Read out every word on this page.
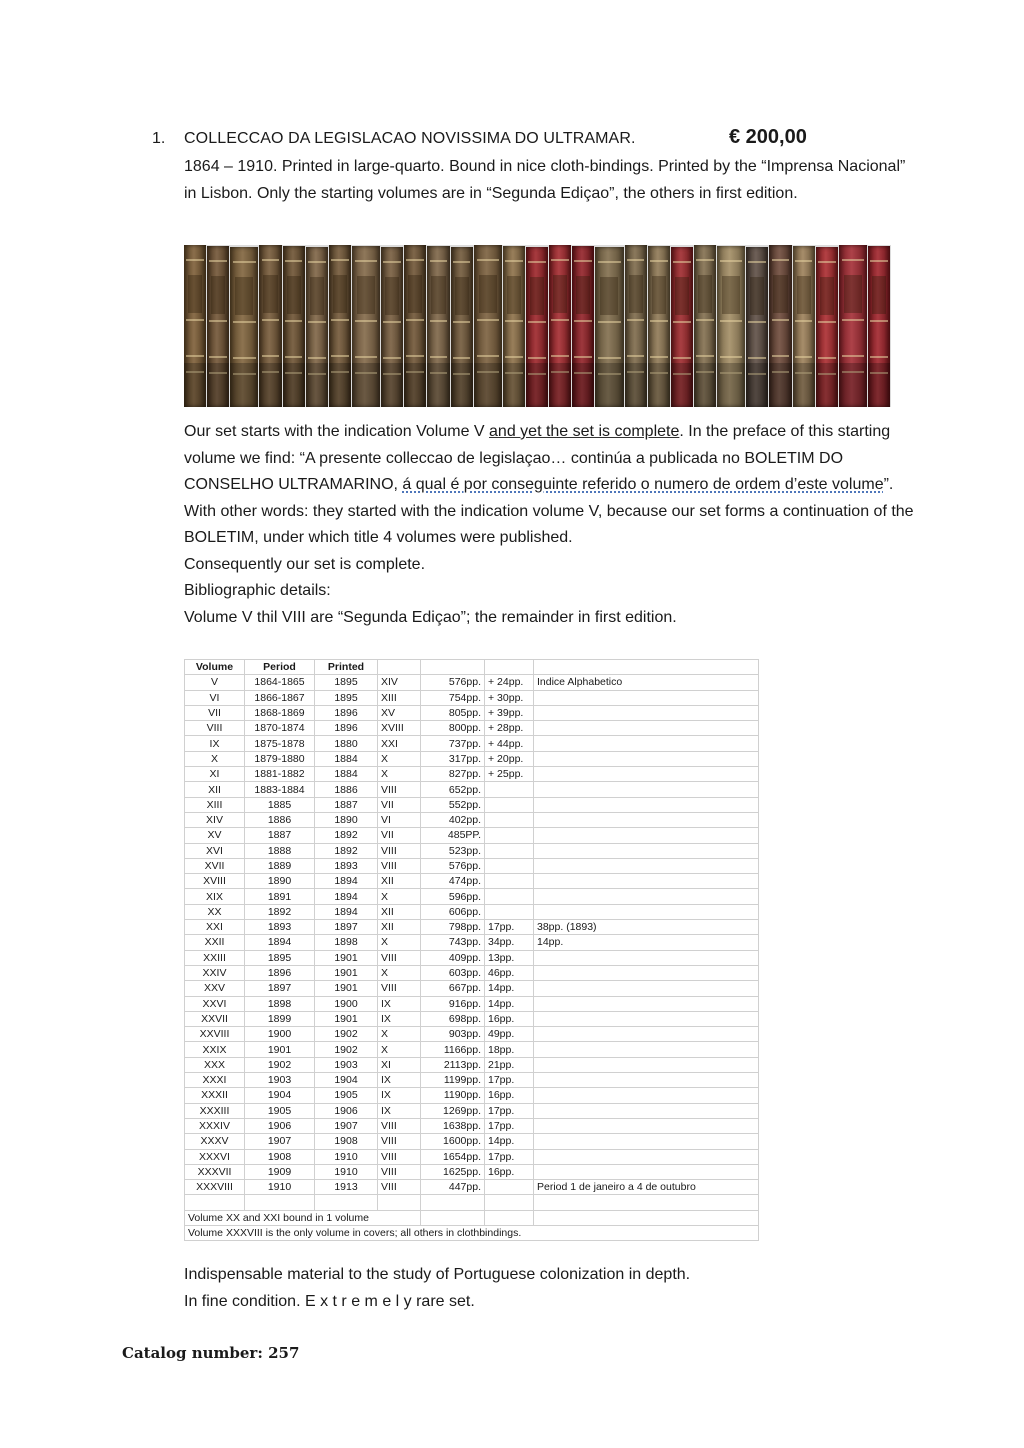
1. COLLECCAO DA LEGISLACAO NOVISSIMA DO ULTRAMAR.	€ 200,00
1864 – 1910. Printed in large-quarto. Bound in nice cloth-bindings. Printed by the “Imprensa Nacional” in Lisbon. Only the starting volumes are in “Segunda Ediçao”, the others in first edition.
Our set starts with the indication Volume V and yet the set is complete. In the preface of this starting volume we find: “A presente colleccao de legislaçao… continúa a publicada no BOLETIM DO CONSELHO ULTRAMARINO, á qual é por conseguinte referido o numero de ordem d’este volume”. With other words: they started with the indication volume V, because our set forms a continuation of the BOLETIM, under which title 4 volumes were published.
Consequently our set is complete.
Bibliographic details:
Volume V thil VIII are “Segunda Ediçao”; the remainder in first edition.
Volume	Period	Printed				
V	1864-1865	1895	XIV	576pp.	+ 24pp.	Indice Alphabetico
VI	1866-1867	1895	XIII	754pp.	+ 30pp.	
VII	1868-1869	1896	XV	805pp.	+ 39pp.	
VIII	1870-1874	1896	XVIII	800pp.	+ 28pp.	
IX	1875-1878	1880	XXI	737pp.	+ 44pp.	
X	1879-1880	1884	X	317pp.	+ 20pp.	
XI	1881-1882	1884	X	827pp.	+ 25pp.	
XII	1883-1884	1886	VIII	652pp.		
XIII	1885	1887	VII	552pp.		
XIV	1886	1890	VI	402pp.		
XV	1887	1892	VII	485PP.		
XVI	1888	1892	VIII	523pp.		
XVII	1889	1893	VIII	576pp.		
XVIII	1890	1894	XII	474pp.		
XIX	1891	1894	X	596pp.		
XX	1892	1894	XII	606pp.		
XXI	1893	1897	XII	798pp.	17pp.	38pp. (1893)
XXII	1894	1898	X	743pp.	34pp.	14pp.
XXIII	1895	1901	VIII	409pp.	13pp.	
XXIV	1896	1901	X	603pp.	46pp.	
XXV	1897	1901	VIII	667pp.	14pp.	
XXVI	1898	1900	IX	916pp.	14pp.	
XXVII	1899	1901	IX	698pp.	16pp.	
XXVIII	1900	1902	X	903pp.	49pp.	
XXIX	1901	1902	X	1166pp.	18pp.	
XXX	1902	1903	XI	2113pp.	21pp.	
XXXI	1903	1904	IX	1199pp.	17pp.	
XXXII	1904	1905	IX	1190pp.	16pp.	
XXXIII	1905	1906	IX	1269pp.	17pp.	
XXXIV	1906	1907	VIII	1638pp.	17pp.	
XXXV	1907	1908	VIII	1600pp.	14pp.	
XXXVI	1908	1910	VIII	1654pp.	17pp.	
XXXVII	1909	1910	VIII	1625pp.	16pp.	
XXXVIII	1910	1913	VIII	447pp.		Period 1 de janeiro a 4 de outubro

Volume XX and XXI bound in 1 volume						
Volume XXXVIII is the only volume in covers; all others in clothbindings.						
Indispensable material to the study of Portuguese colonization in depth.
In fine condition. E x t r e m e l y rare set.
Catalog number: 257
